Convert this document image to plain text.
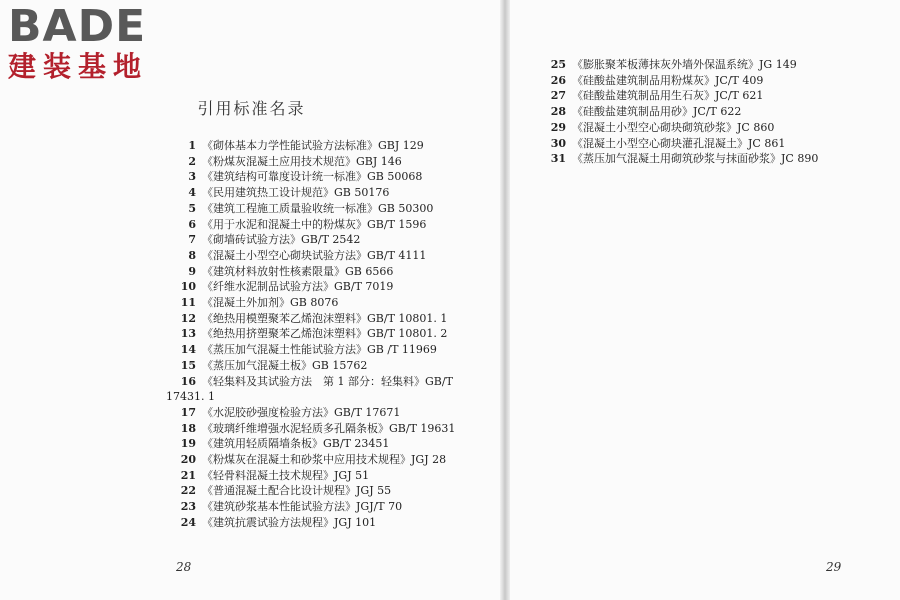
BADE
建装基地
引用标准名录
1 《砌体基本力学性能试验方法标准》GBJ 129
2 《粉煤灰混凝土应用技术规范》GBJ 146
3 《建筑结构可靠度设计统一标准》GB 50068
4 《民用建筑热工设计规范》GB 50176
5 《建筑工程施工质量验收统一标准》GB 50300
6 《用于水泥和混凝土中的粉煤灰》GB/T 1596
7 《砌墙砖试验方法》GB/T 2542
8 《混凝土小型空心砌块试验方法》GB/T 4111
9 《建筑材料放射性核素限量》GB 6566
10 《纤维水泥制品试验方法》GB/T 7019
11 《混凝土外加剂》GB 8076
12 《绝热用模塑聚苯乙烯泡沫塑料》GB/T 10801. 1
13 《绝热用挤塑聚苯乙烯泡沫塑料》GB/T 10801. 2
14 《蒸压加气混凝土性能试验方法》GB /T 11969
15 《蒸压加气混凝土板》GB 15762
16 《轻集料及其试验方法　第 1 部分：轻集料》GB/T
17431. 1
17 《水泥胶砂强度检验方法》GB/T 17671
18 《玻璃纤维增强水泥轻质多孔隔条板》GB/T 19631
19 《建筑用轻质隔墙条板》GB/T 23451
20 《粉煤灰在混凝土和砂浆中应用技术规程》JGJ 28
21 《轻骨料混凝土技术规程》JGJ 51
22 《普通混凝土配合比设计规程》JGJ 55
23 《建筑砂浆基本性能试验方法》JGJ/T 70
24 《建筑抗震试验方法规程》JGJ 101
25 《膨胀聚苯板薄抹灰外墙外保温系统》JG 149
26 《硅酸盐建筑制品用粉煤灰》JC/T 409
27 《硅酸盐建筑制品用生石灰》JC/T 621
28 《硅酸盐建筑制品用砂》JC/T 622
29 《混凝土小型空心砌块砌筑砂浆》JC 860
30 《混凝土小型空心砌块灌孔混凝土》JC 861
31 《蒸压加气混凝土用砌筑砂浆与抹面砂浆》JC 890
28	29
